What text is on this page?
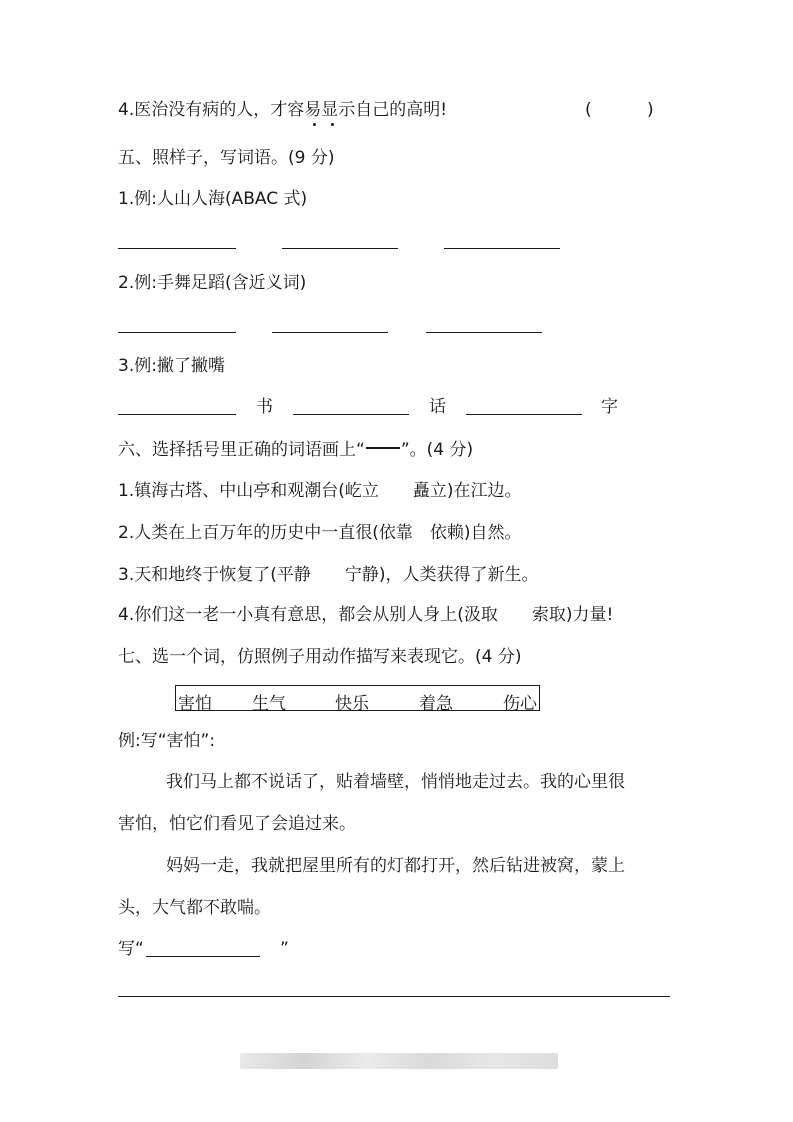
4.医治没有病的人，才容易显示自己的高明!	(	)
五、照样子，写词语。(9 分)
1.例:人山人海(ABAC 式)
2.例:手舞足蹈(含近义词)
3.例:撇了撇嘴
书	话	字
六、选择括号里正确的词语画上“ ”。(4 分)
1.镇海古塔、中山亭和观潮台(屹立　　矗立)在江边。
2.人类在上百万年的历史中一直很(依靠　依赖)自然。
3.天和地终于恢复了(平静　　宁静)，人类获得了新生。
4.你们这一老一小真有意思，都会从别人身上(汲取　　索取)力量!
七、选一个词，仿照例子用动作描写来表现它。(4 分)
害怕 生气	快乐	着急	伤心
例:写“害怕”:
我们马上都不说话了，贴着墙壁，悄悄地走过去。我的心里很
害怕，怕它们看见了会追过来。
妈妈一走，我就把屋里所有的灯都打开，然后钻进被窝，蒙上
头，大气都不敢喘。
写“	”
